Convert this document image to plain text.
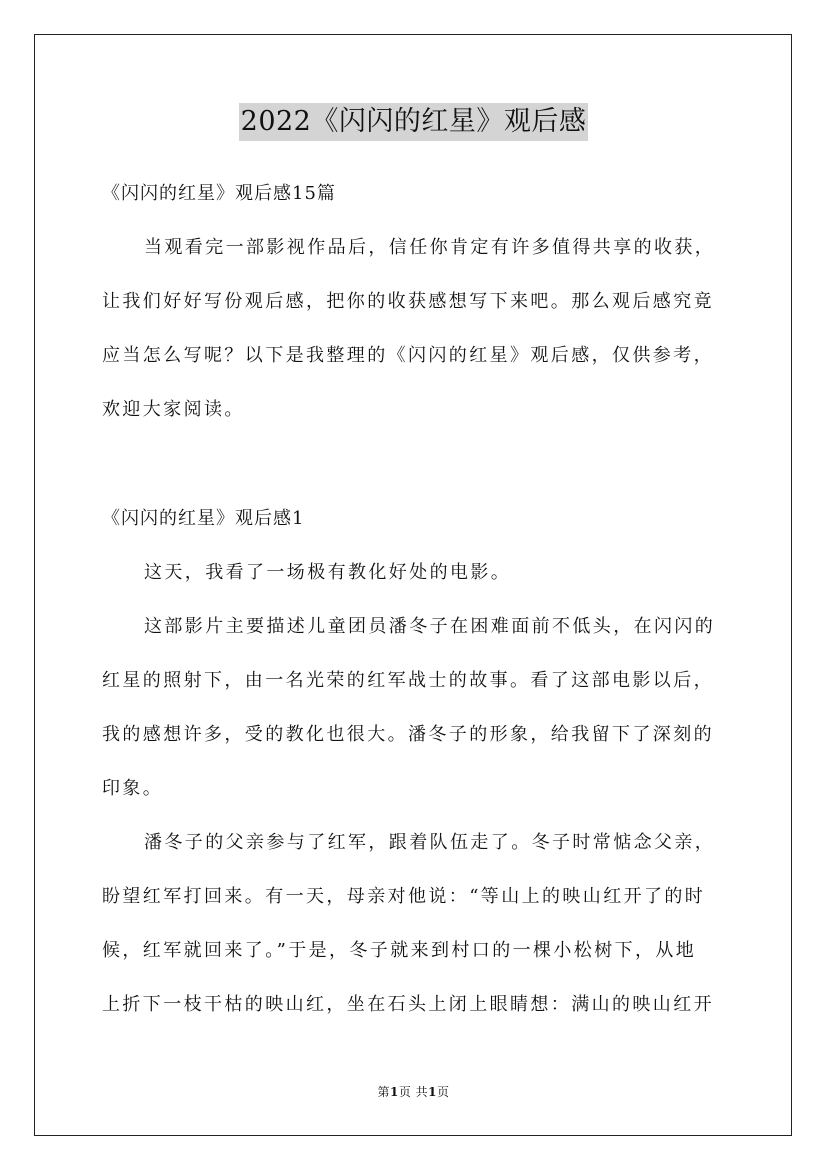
2022《闪闪的红星》观后感
《闪闪的红星》观后感15篇
当观看完一部影视作品后，信任你肯定有许多值得共享的收获，
让我们好好写份观后感，把你的收获感想写下来吧。那么观后感究竟
应当怎么写呢？以下是我整理的《闪闪的红星》观后感，仅供参考，
欢迎大家阅读。
《闪闪的红星》观后感1
这天，我看了一场极有教化好处的电影。
这部影片主要描述儿童团员潘冬子在困难面前不低头，在闪闪的
红星的照射下，由一名光荣的红军战士的故事。看了这部电影以后，
我的感想许多，受的教化也很大。潘冬子的形象，给我留下了深刻的
印象。
潘冬子的父亲参与了红军，跟着队伍走了。冬子时常惦念父亲，
盼望红军打回来。有一天，母亲对他说：“等山上的映山红开了的时
候，红军就回来了。”于是，冬子就来到村口的一棵小松树下，从地
上折下一枝干枯的映山红，坐在石头上闭上眼睛想：满山的映山红开
第1页 共1页
